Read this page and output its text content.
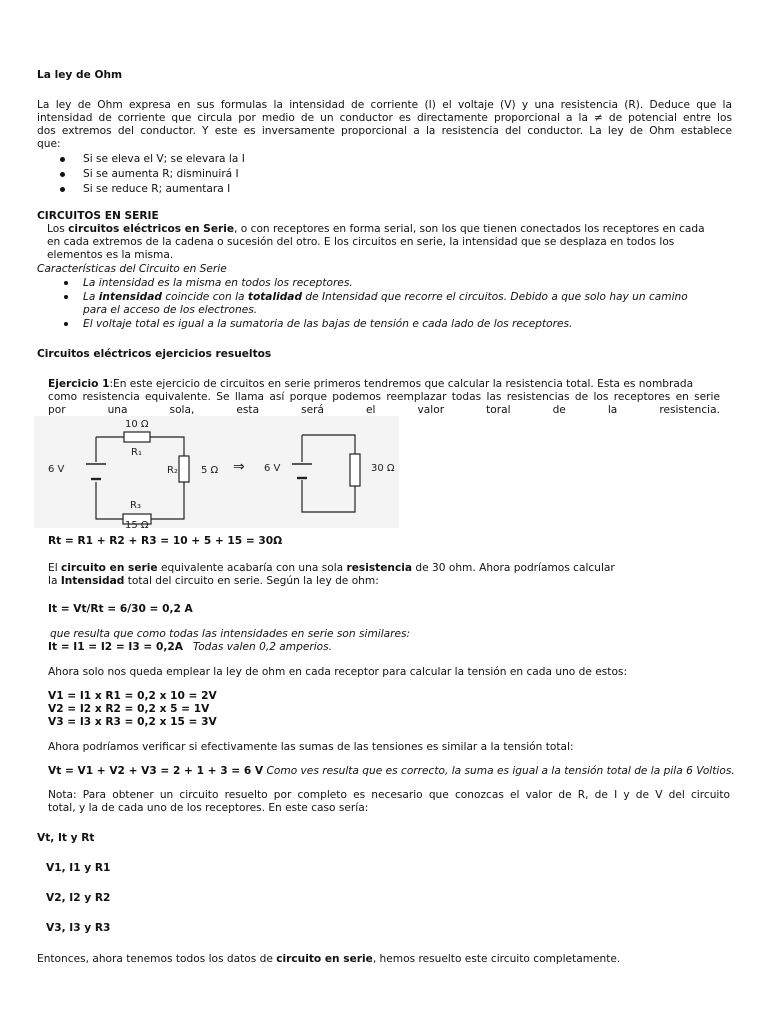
La ley de Ohm
La ley de Ohm expresa en sus formulas la intensidad de corriente (I) el voltaje (V) y una resistencia (R). Deduce que la
intensidad de corriente que circula por medio de un conductor es directamente proporcional a la ≠ de potencial entre los
dos extremos del conductor. Y este es inversamente proporcional a la resistencia del conductor. La ley de Ohm establece
que:
Si se eleva el V; se elevara la I
Si se aumenta R; disminuirá I
Si se reduce R; aumentara I
CIRCUITOS EN SERIE
Los circuitos eléctricos en Serie, o con receptores en forma serial, son los que tienen conectados los receptores en cada
en cada extremos de la cadena o sucesión del otro. E los circuitos en serie, la intensidad que se desplaza en todos los
elementos es la misma.
Características del Circuito en Serie
La intensidad es la misma en todos los receptores.
La intensidad coincide con la totalidad de Intensidad que recorre el circuitos. Debido a que solo hay un camino
para el acceso de los electrones.
El voltaje total es igual a la sumatoria de las bajas de tensión e cada lado de los receptores.
Circuitos eléctricos ejercicios resueltos
Ejercicio 1:En este ejercicio de circuitos en serie primeros tendremos que calcular la resistencia total. Esta es nombrada
como resistencia equivalente. Se llama así porque podemos reemplazar todas las resistencias de los receptores en serie
por	una	sola,	esta	será	el	valor	toral	de	la	resistencia.
10 Ω
R₁
R₂ 5 Ω
R₃
15 Ω
6 V	⇒ 6 V	30 Ω
Rt = R1 + R2 + R3 = 10 + 5 + 15 = 30Ω
El circuito en serie equivalente acabaría con una sola resistencia de 30 ohm. Ahora podríamos calcular
la Intensidad total del circuito en serie. Según la ley de ohm:
It = Vt/Rt = 6/30 = 0,2 A
que resulta que como todas las intensidades en serie son similares:
It = I1 = I2 = I3 = 0,2A Todas valen 0,2 amperios.
Ahora solo nos queda emplear la ley de ohm en cada receptor para calcular la tensión en cada uno de estos:
V1 = I1 x R1 = 0,2 x 10 = 2V
V2 = I2 x R2 = 0,2 x 5 = 1V
V3 = I3 x R3 = 0,2 x 15 = 3V
Ahora podríamos verificar si efectivamente las sumas de las tensiones es similar a la tensión total:
Vt = V1 + V2 + V3 = 2 + 1 + 3 = 6 V Como ves resulta que es correcto, la suma es igual a la tensión total de la pila 6 Voltios.
Nota: Para obtener un circuito resuelto por completo es necesario que conozcas el valor de R, de I y de V del circuito
total, y la de cada uno de los receptores. En este caso sería:
Vt, It y Rt
V1, I1 y R1
V2, I2 y R2
V3, I3 y R3
Entonces, ahora tenemos todos los datos de circuito en serie, hemos resuelto este circuito completamente.
